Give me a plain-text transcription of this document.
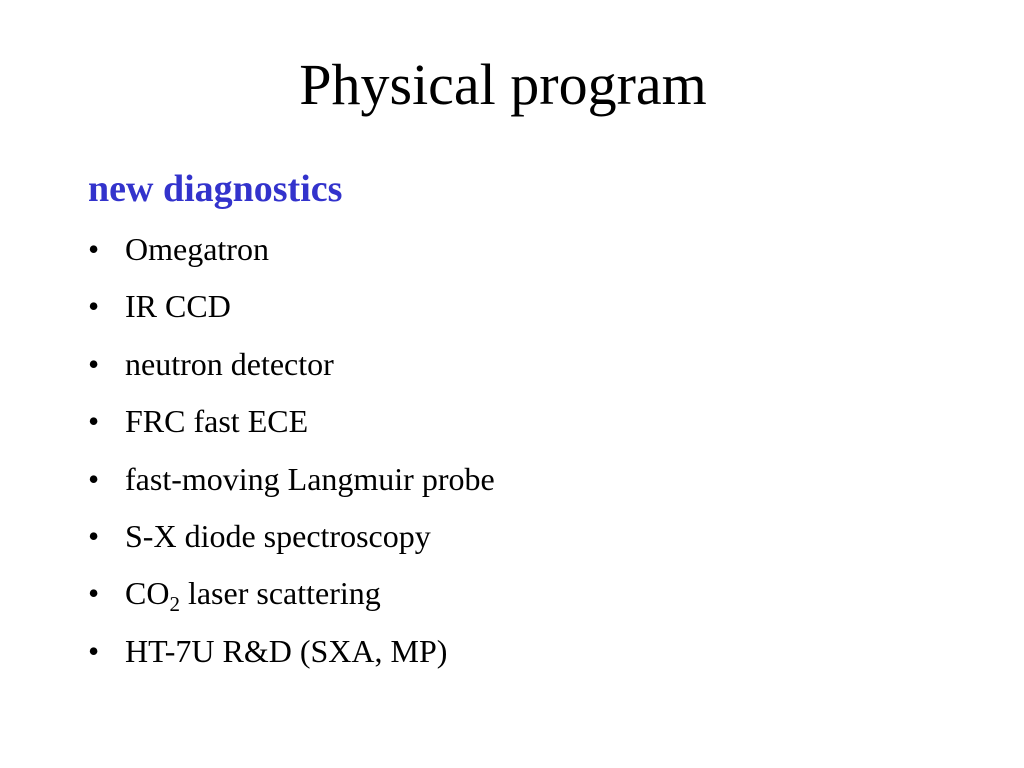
Physical program
new diagnostics
• Omegatron
• IR CCD
• neutron detector
• FRC fast ECE
• fast-moving Langmuir probe
• S-X diode spectroscopy
• $CO_2$ laser scattering
• HT-7U R&D (SXA, MP)
